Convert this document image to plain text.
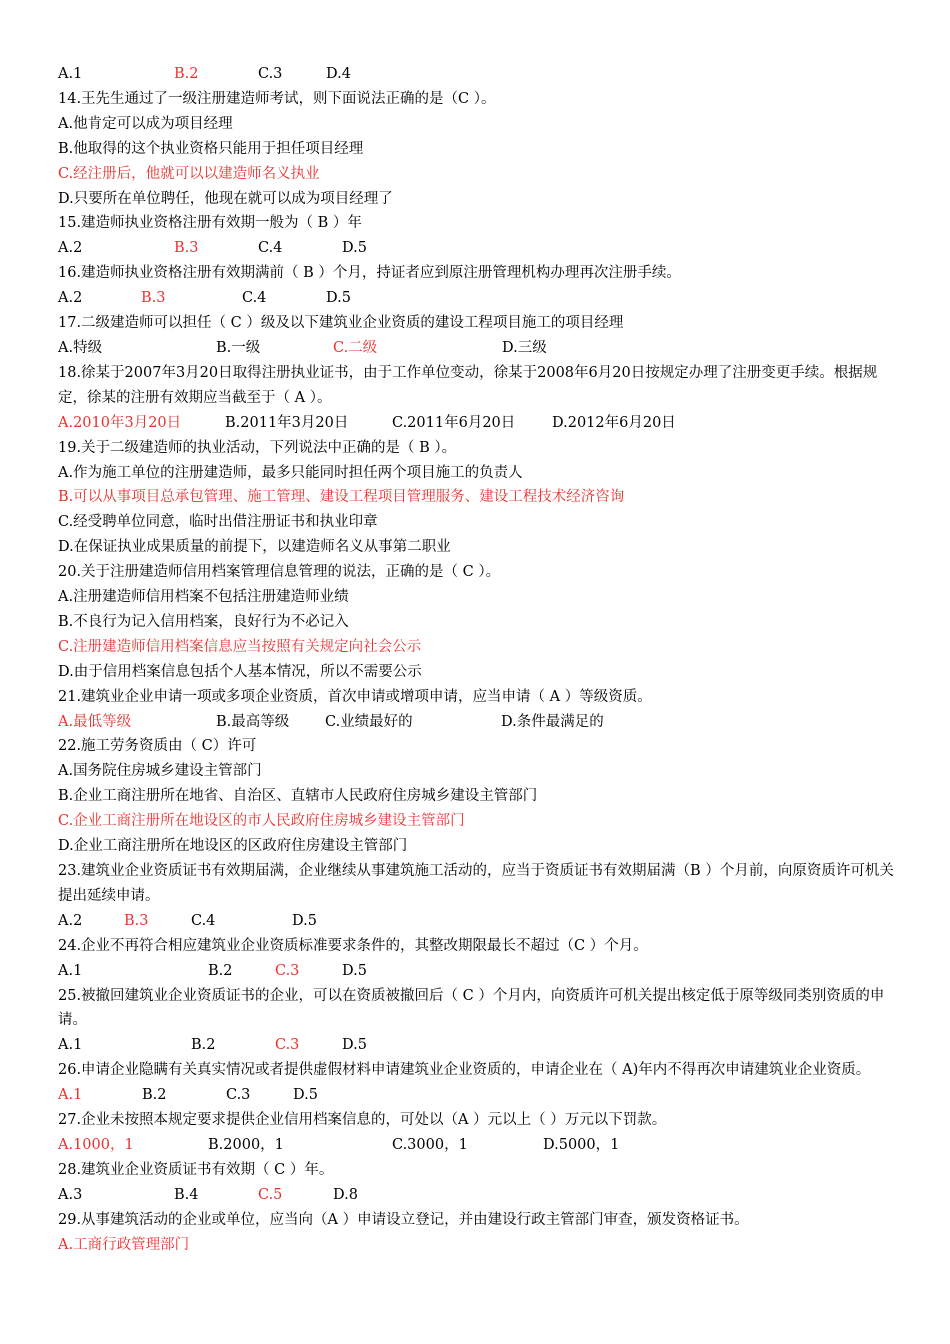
A.1	B.2	C.3	D.4
14.王先生通过了一级注册建造师考试，则下面说法正确的是（C ）。
A.他肯定可以成为项目经理
B.他取得的这个执业资格只能用于担任项目经理
C.经注册后，他就可以以建造师名义执业
D.只要所在单位聘任，他现在就可以成为项目经理了
15.建造师执业资格注册有效期一般为（ B ）年
A.2	B.3	C.4	D.5
16.建造师执业资格注册有效期满前（ B ）个月，持证者应到原注册管理机构办理再次注册手续。
A.2	B.3	C.4	D.5
17.二级建造师可以担任（ C ）级及以下建筑业企业资质的建设工程项目施工的项目经理
A.特级	B.一级	C.二级	D.三级
18.徐某于2007年3月20日取得注册执业证书，由于工作单位变动，徐某于2008年6月20日按规定办理了注册变更手续。根据规定，徐某的注册有效期应当截至于（ A ）。
A.2010年3月20日	B.2011年3月20日	C.2011年6月20日	D.2012年6月20日
19.关于二级建造师的执业活动，下列说法中正确的是（ B ）。
A.作为施工单位的注册建造师，最多只能同时担任两个项目施工的负责人
B.可以从事项目总承包管理、施工管理、建设工程项目管理服务、建设工程技术经济咨询
C.经受聘单位同意，临时出借注册证书和执业印章
D.在保证执业成果质量的前提下，以建造师名义从事第二职业
20.关于注册建造师信用档案管理信息管理的说法，正确的是（ C ）。
A.注册建造师信用档案不包括注册建造师业绩
B.不良行为记入信用档案，良好行为不必记入
C.注册建造师信用档案信息应当按照有关规定向社会公示
D.由于信用档案信息包括个人基本情况，所以不需要公示
21.建筑业企业申请一项或多项企业资质，首次申请或增项申请，应当申请（ A ）等级资质。
A.最低等级	B.最高等级 C.业绩最好的	D.条件最满足的
22.施工劳务资质由（ C）许可
A.国务院住房城乡建设主管部门
B.企业工商注册所在地省、自治区、直辖市人民政府住房城乡建设主管部门
C.企业工商注册所在地设区的市人民政府住房城乡建设主管部门
D.企业工商注册所在地设区的区政府住房建设主管部门
23.建筑业企业资质证书有效期届满，企业继续从事建筑施工活动的，应当于资质证书有效期届满（B ）个月前，向原资质许可机关提出延续申请。
A.2	B.3	C.4	D.5
24.企业不再符合相应建筑业企业资质标准要求条件的，其整改期限最长不超过（C ）个月。
A.1	B.2	C.3	D.5
25.被撤回建筑业企业资质证书的企业，可以在资质被撤回后（ C ）个月内，向资质许可机关提出核定低于原等级同类别资质的申请。
A.1	B.2	C.3	D.5
26.申请企业隐瞒有关真实情况或者提供虚假材料申请建筑业企业资质的，申请企业在（ A)年内不得再次申请建筑业企业资质。
A.1	B.2	C.3	D.5
27.企业未按照本规定要求提供企业信用档案信息的，可处以（A ）元以上（ ）万元以下罚款。
A.1000，1	B.2000，1	C.3000，1	D.5000，1
28.建筑业企业资质证书有效期（ C ）年。
A.3	B.4	C.5	D.8
29.从事建筑活动的企业或单位，应当向（A ）申请设立登记，并由建设行政主管部门审查，颁发资格证书。
A.工商行政管理部门
